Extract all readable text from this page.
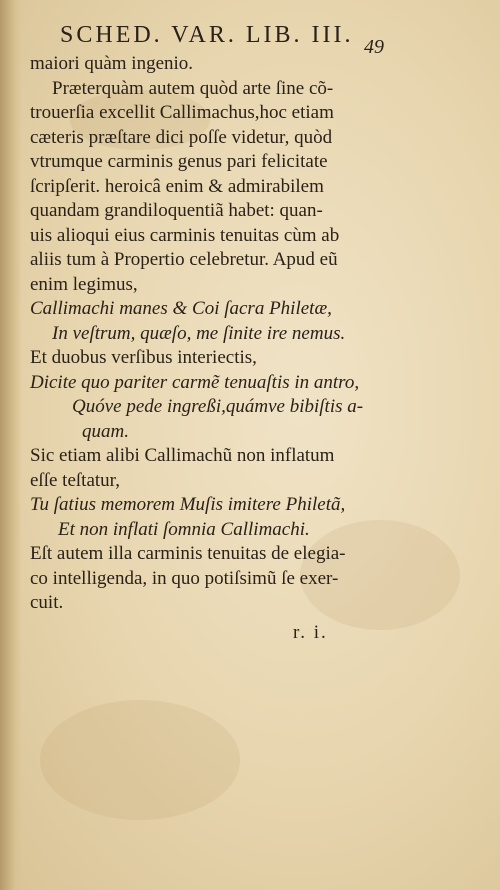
SCHED. VAR. LIB. III. 49
maiori quàm ingenio.
Præterquàm autem quòd arte ſine cõ-
trouerſia excellit Callimachus,hoc etiam
cæteris præſtare dici poſſe videtur, quòd
vtrumque carminis genus pari felicitate
ſcripſerit. heroicâ enim & admirabilem
quandam grandiloquentiã habet: quan-
uis alioqui eius carminis tenuitas cùm ab
aliis tum à Propertio celebretur. Apud eũ
enim legimus,
Callimachi manes & Coi ſacra Philetæ,
In veſtrum, quæſo, me ſinite ire nemus.
Et duobus verſibus interiectis,
Dicite quo pariter carmẽ tenuaſtis in antro,
Quóve pede ingreßi,quámve bibiſtis a-
quam.
Sic etiam alibi Callimachũ non inflatum
eſſe teſtatur,
Tu ſatius memorem Muſis imitere Philetã,
Et non inflati ſomnia Callimachi.
Eſt autem illa carminis tenuitas de elegia-
co intelligenda, in quo potiſsimũ ſe exer-
cuit.
r. i.
